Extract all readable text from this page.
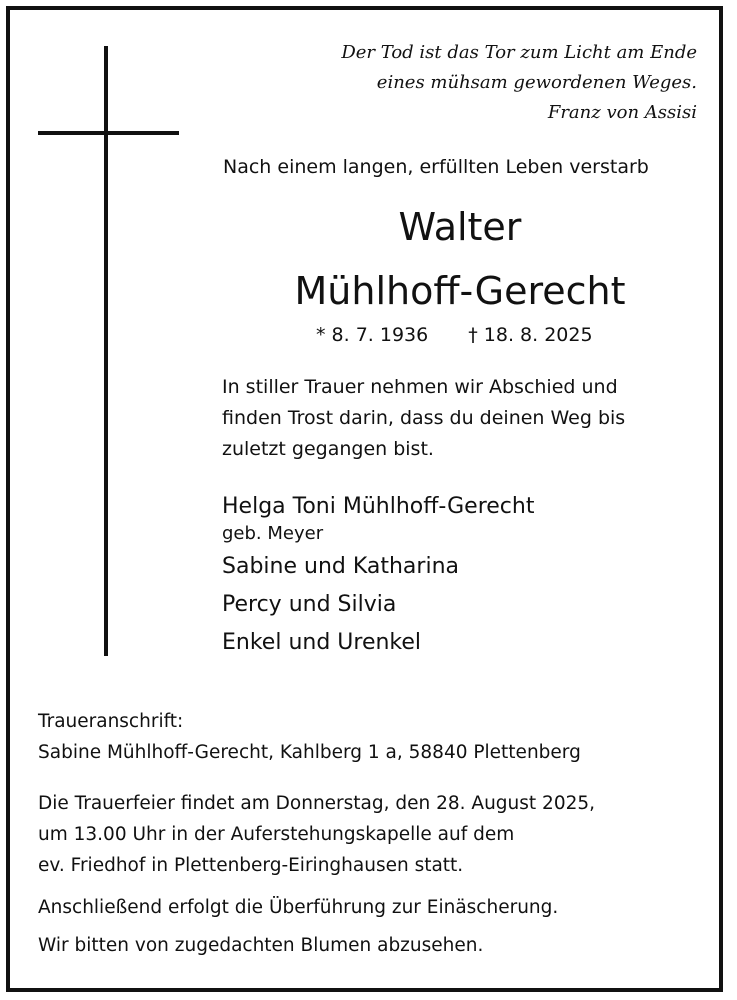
Der Tod ist das Tor zum Licht am Ende
eines mühsam gewordenen Weges.
Franz von Assisi
Nach einem langen, erfüllten Leben verstarb
Walter
Mühlhoff-Gerecht
* 8. 7. 1936 † 18. 8. 2025
In stiller Trauer nehmen wir Abschied und
finden Trost darin, dass du deinen Weg bis
zuletzt gegangen bist.
Helga Toni Mühlhoff-Gerecht
geb. Meyer
Sabine und Katharina
Percy und Silvia
Enkel und Urenkel
Traueranschrift:
Sabine Mühlhoff-Gerecht, Kahlberg 1 a, 58840 Plettenberg
Die Trauerfeier findet am Donnerstag, den 28. August 2025,
um 13.00 Uhr in der Auferstehungskapelle auf dem
ev. Friedhof in Plettenberg-Eiringhausen statt.
Anschließend erfolgt die Überführung zur Einäscherung.
Wir bitten von zugedachten Blumen abzusehen.
